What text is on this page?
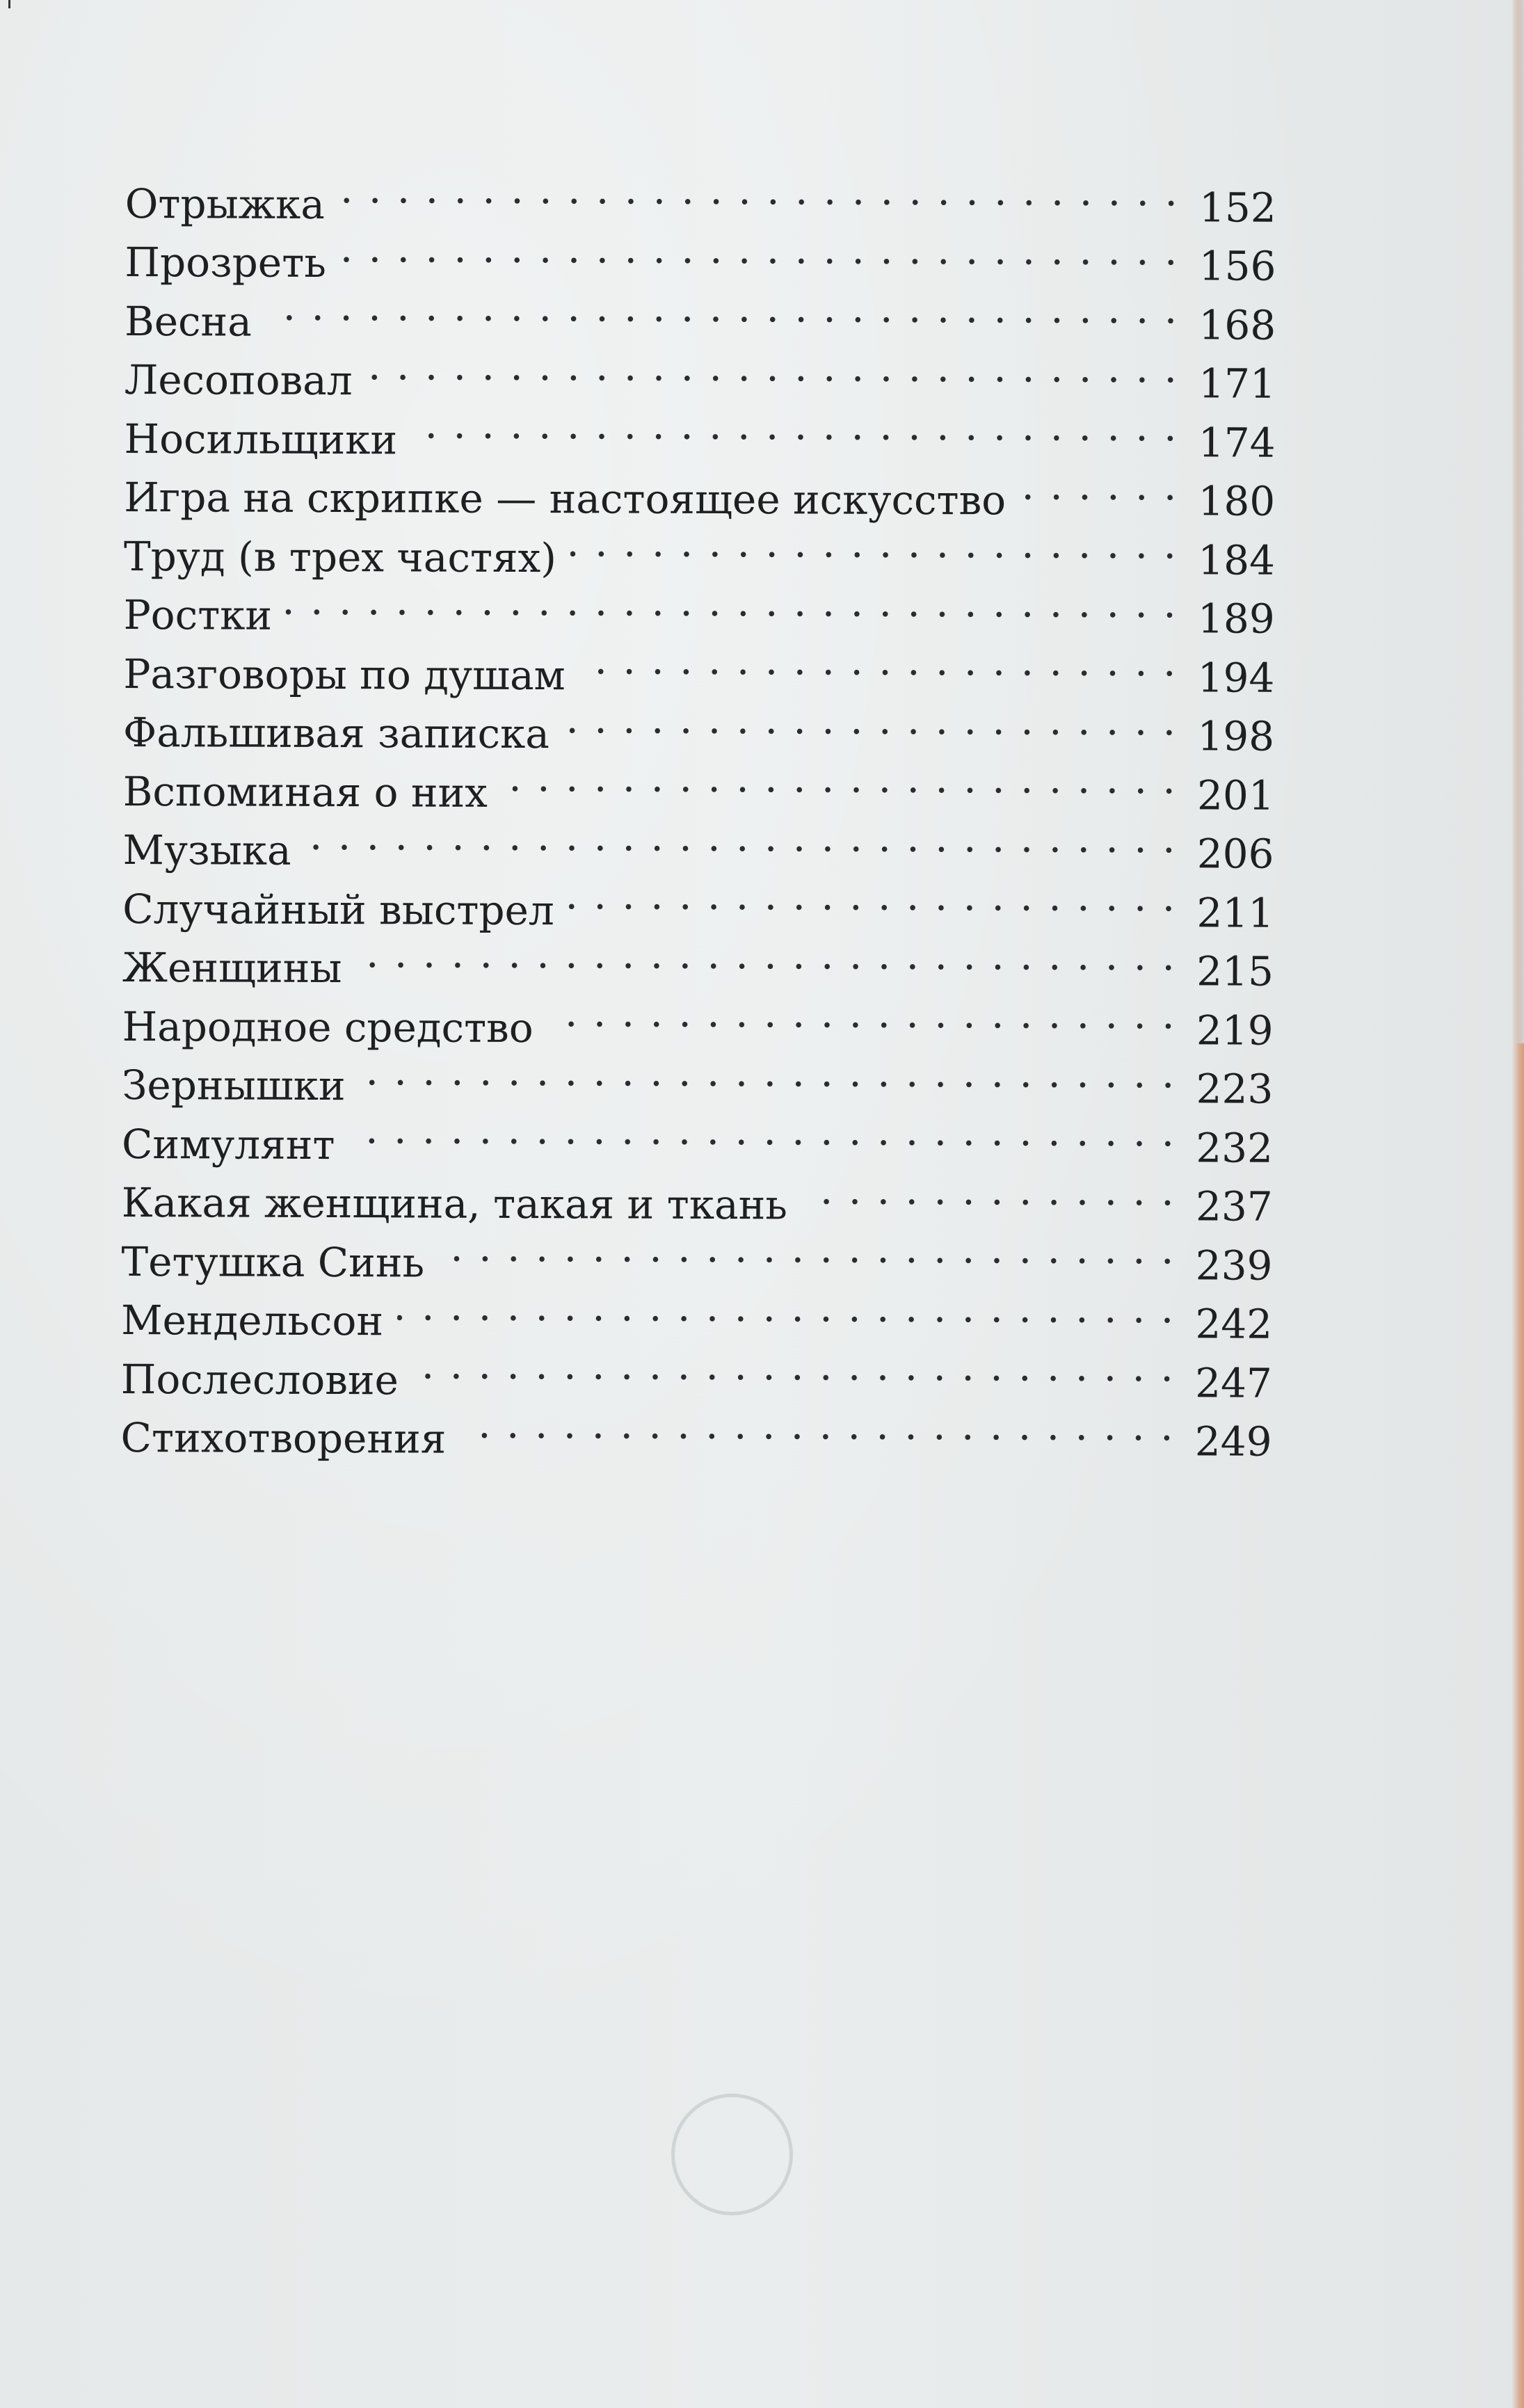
Отрыжка . . .	152
Прозреть . . .	156
Весна . . .	168
Лесоповал . . .	171
Носильщики . . .	174
Игра на скрипке — настоящее искусство . . .	180
Труд (в трех частях) . . .	184
Ростки . . .	189
Разговоры по душам . . .	194
Фальшивая записка . . .	198
Вспоминая о них . . .	201
Музыка . . .	206
Случайный выстрел . . .	211
Женщины . . .	215
Народное средство . . .	219
Зернышки . . .	223
Симулянт . . .	232
Какая женщина, такая и ткань . . .	237
Тетушка Синь . . .	239
Мендельсон . . .	242
Послесловие . . .	247
Стихотворения . . .	249
